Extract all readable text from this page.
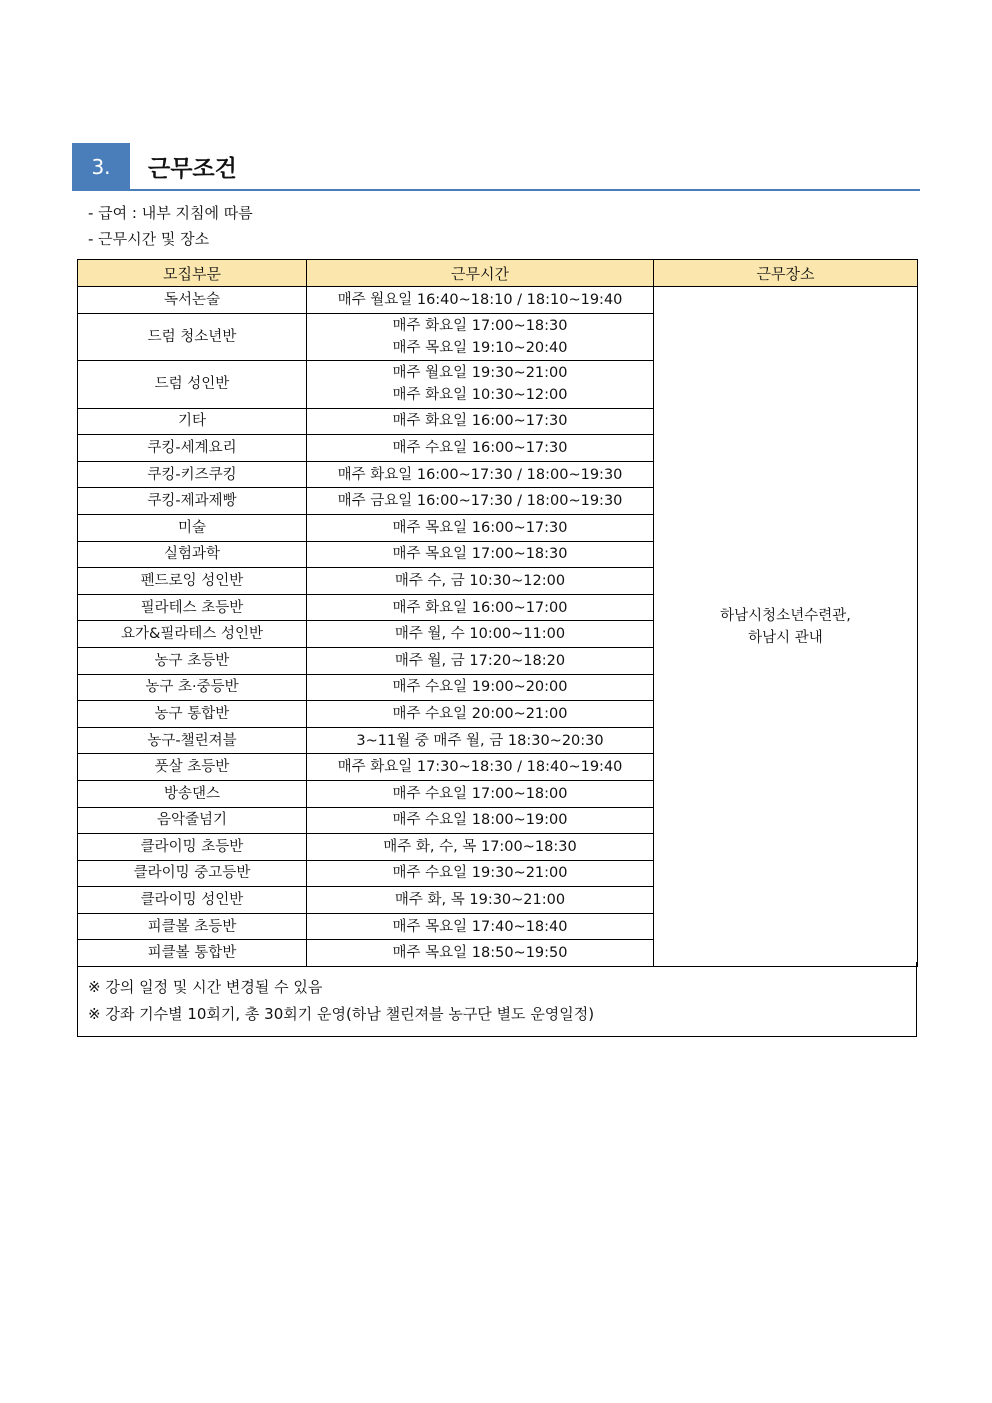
3.	근무조건
- 급여 : 내부 지침에 따름
- 근무시간 및 장소
모집부문	근무시간	근무장소
독서논술	매주 월요일 16:40~18:10 / 18:10~19:40	하남시청소년수련관,
하남시 관내

드럼 청소년반	매주 화요일 17:00~18:30
매주 목요일 19:10~20:40	

드럼 성인반	매주 월요일 19:30~21:00
매주 화요일 10:30~12:00	

기타	매주 화요일 16:00~17:30	

쿠킹-세계요리	매주 수요일 16:00~17:30	

쿠킹-키즈쿠킹	매주 화요일 16:00~17:30 / 18:00~19:30	

쿠킹-제과제빵	매주 금요일 16:00~17:30 / 18:00~19:30	

미술	매주 목요일 16:00~17:30	

실험과학	매주 목요일 17:00~18:30	

펜드로잉 성인반	매주 수, 금 10:30~12:00	

필라테스 초등반	매주 화요일 16:00~17:00	

요가&필라테스 성인반	매주 월, 수 10:00~11:00	

농구 초등반	매주 월, 금 17:20~18:20	

농구 초·중등반	매주 수요일 19:00~20:00	

농구 통합반	매주 수요일 20:00~21:00	

농구-챌린져블	3~11월 중 매주 월, 금 18:30~20:30	

풋살 초등반	매주 화요일 17:30~18:30 / 18:40~19:40	

방송댄스	매주 수요일 17:00~18:00	

음악줄넘기	매주 수요일 18:00~19:00	

클라이밍 초등반	매주 화, 수, 목 17:00~18:30	

클라이밍 중고등반	매주 수요일 19:30~21:00	

클라이밍 성인반	매주 화, 목 19:30~21:00	

피클볼 초등반	매주 목요일 17:40~18:40	

피클볼 통합반	매주 목요일 18:50~19:50	
※ 강의 일정 및 시간 변경될 수 있음
※ 강좌 기수별 10회기, 총 30회기 운영(하남 챌린져블 농구단 별도 운영일정)
